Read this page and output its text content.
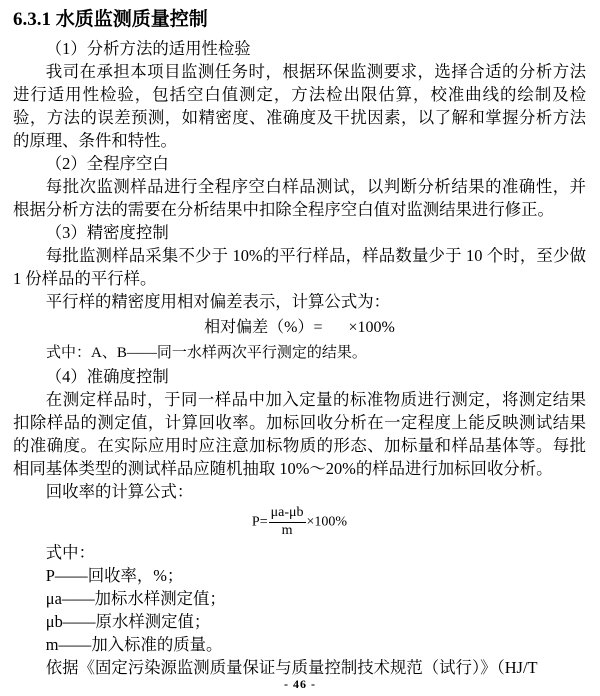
6.3.1 水质监测质量控制

（1）分析方法的适用性检验

我司在承担本项目监测任务时，根据环保监测要求，选择合适的分析方法进行适用性检验，包括空白值测定，方法检出限估算，校准曲线的绘制及检验，方法的误差预测，如精密度、准确度及干扰因素，以了解和掌握分析方法的原理、条件和特性。

（2）全程序空白

每批次监测样品进行全程序空白样品测试，以判断分析结果的准确性，并根据分析方法的需要在分析结果中扣除全程序空白值对监测结果进行修正。

（3）精密度控制

每批监测样品采集不少于 10%的平行样品，样品数量少于 10 个时，至少做 1 份样品的平行样。

平行样的精密度用相对偏差表示，计算公式为：

相对偏差（%）= ×100%

式中：A、B——同一水样两次平行测定的结果。

（4）准确度控制

在测定样品时，于同一样品中加入定量的标准物质进行测定，将测定结果扣除样品的测定值，计算回收率。加标回收分析在一定程度上能反映测试结果的准确度。在实际应用时应注意加标物质的形态、加标量和样品基体等。每批相同基体类型的测试样品应随机抽取 10%～20%的样品进行加标回收分析。

回收率的计算公式：

$P= \frac{\mu a-\mu b}{m} \times 100\%$

式中：

P——回收率，%；

μa——加标水样测定值；

μb——原水样测定值；

m——加入标准的质量。

依据《固定污染源监测质量保证与质量控制技术规范（试行）》（HJ/T

- 46 -
